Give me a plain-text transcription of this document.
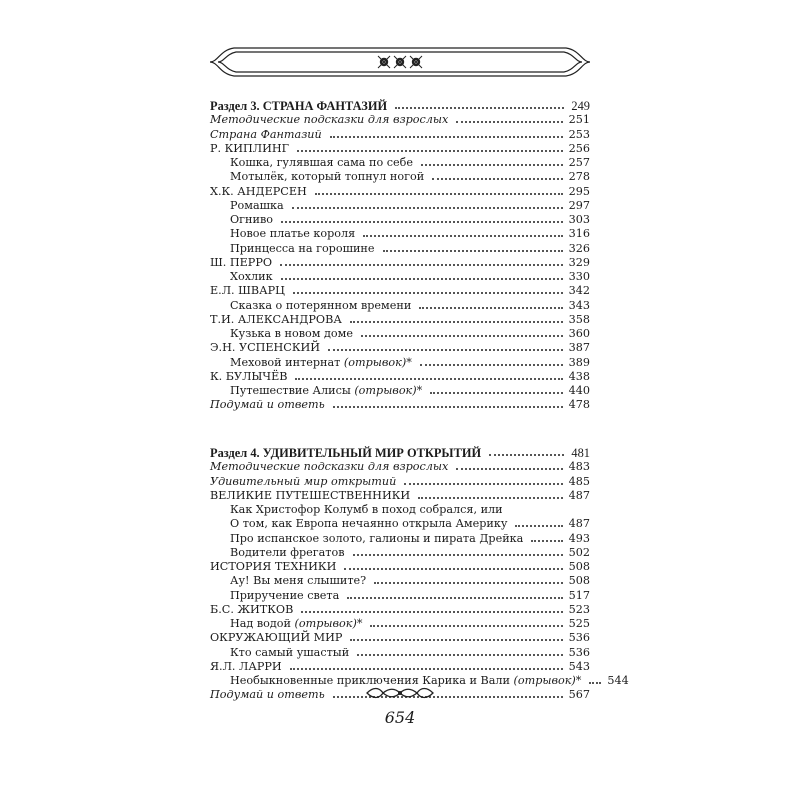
Раздел 3. СТРАНА ФАНТАЗИЙ	249
Методические подсказки для взрослых	251
Страна Фантазий	253
Р. КИПЛИНГ	256
Кошка, гулявшая сама по себе	257
Мотылёк, который топнул ногой	278
Х.К. АНДЕРСЕН	295
Ромашка	297
Огниво	303
Новое платье короля	316
Принцесса на горошине	326
Ш. ПЕРРО	329
Хохлик	330
Е.Л. ШВАРЦ	342
Сказка о потерянном времени	343
Т.И. АЛЕКСАНДРОВА	358
Кузька в новом доме	360
Э.Н. УСПЕНСКИЙ	387
Меховой интернат (отрывок)*	389
К. БУЛЫЧЁВ	438
Путешествие Алисы (отрывок)*	440
Подумай и ответь	478
Раздел 4. УДИВИТЕЛЬНЫЙ МИР ОТКРЫТИЙ	481
Методические подсказки для взрослых	483
Удивительный мир открытий	485
ВЕЛИКИЕ ПУТЕШЕСТВЕННИКИ	487
Как Христофор Колумб в поход собрался, или
О том, как Европа нечаянно открыла Америку	487
Про испанское золото, галионы и пирата Дрейка	493
Водители фрегатов	502
ИСТОРИЯ ТЕХНИКИ	508
Ау! Вы меня слышите?	508
Приручение света	517
Б.С. ЖИТКОВ	523
Над водой (отрывок)*	525
ОКРУЖАЮЩИЙ МИР	536
Кто самый ушастый	536
Я.Л. ЛАРРИ	543
Необыкновенные приключения Карика и Вали (отрывок)* 544
Подумай и ответь	567
654
